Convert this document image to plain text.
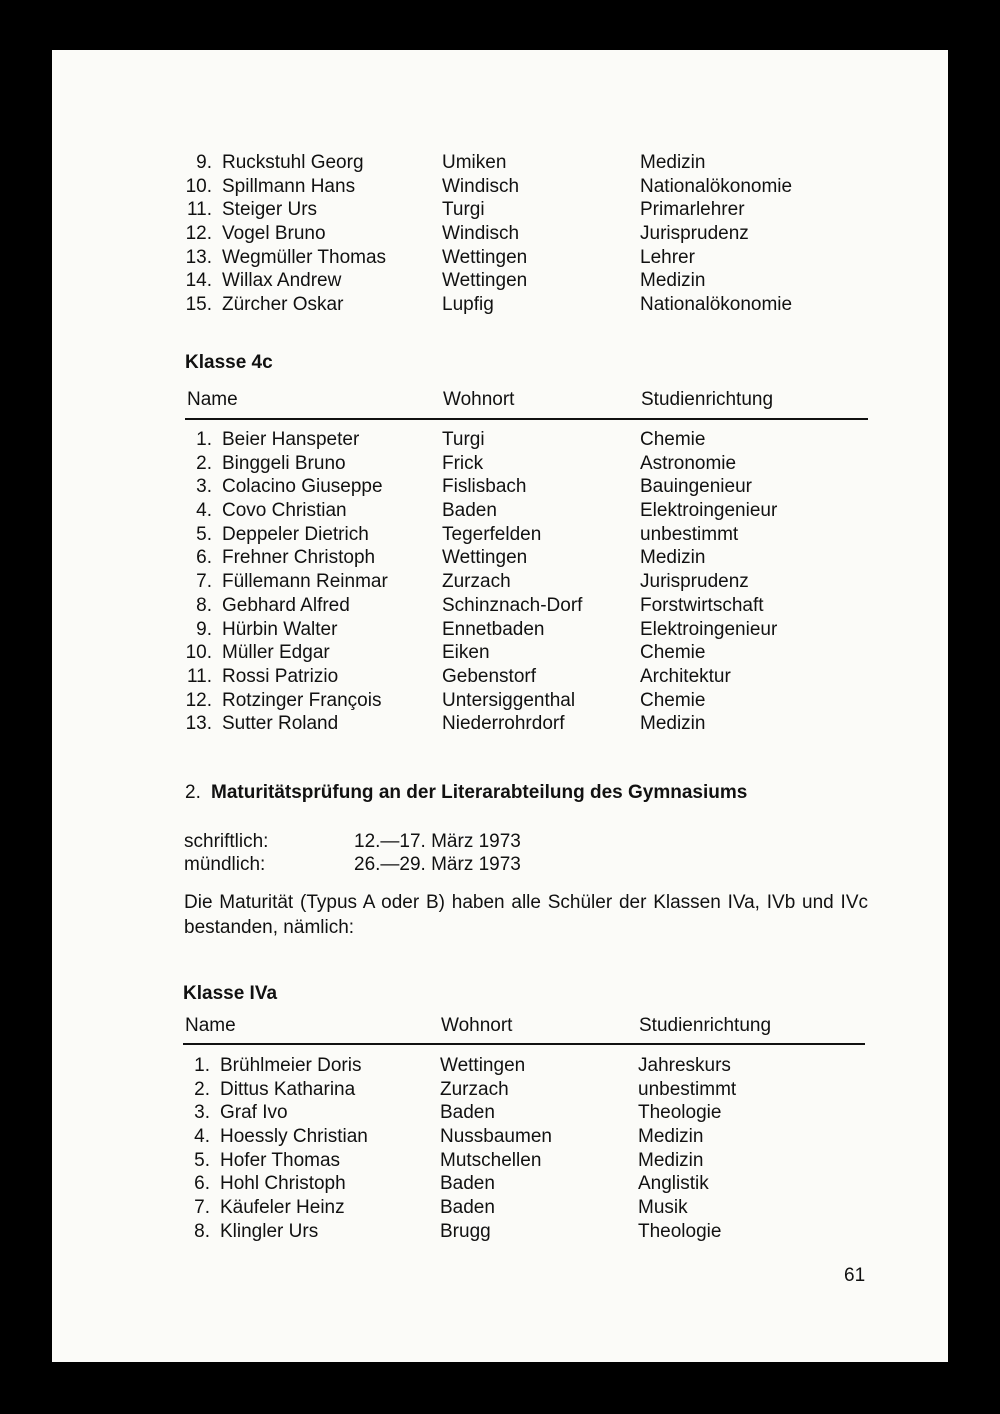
9. Ruckstuhl Georg	Umiken	Medizin
10. Spillmann Hans	Windisch	Nationalökonomie
11. Steiger Urs	Turgi	Primarlehrer
12. Vogel Bruno	Windisch	Jurisprudenz
13. Wegmüller Thomas	Wettingen	Lehrer
14. Willax Andrew	Wettingen	Medizin
15. Zürcher Oskar	Lupfig	Nationalökonomie
Klasse 4c
Name	Wohnort	Studienrichtung
1. Beier Hanspeter	Turgi	Chemie
2. Binggeli Bruno	Frick	Astronomie
3. Colacino Giuseppe	Fislisbach	Bauingenieur
4. Covo Christian	Baden	Elektroingenieur
5. Deppeler Dietrich	Tegerfelden	unbestimmt
6. Frehner Christoph	Wettingen	Medizin
7. Füllemann Reinmar	Zurzach	Jurisprudenz
8. Gebhard Alfred	Schinznach-Dorf	Forstwirtschaft
9. Hürbin Walter	Ennetbaden	Elektroingenieur
10. Müller Edgar	Eiken	Chemie
11. Rossi Patrizio	Gebenstorf	Architektur
12. Rotzinger François	Untersiggenthal	Chemie
13. Sutter Roland	Niederrohrdorf	Medizin
2. Maturitätsprüfung an der Literarabteilung des Gymnasiums
schriftlich:	12.—17. März 1973
mündlich:	26.—29. März 1973
Die Maturität (Typus A oder B) haben alle Schüler der Klassen IVa, IVb und IVc bestanden, nämlich:
Klasse IVa
Name	Wohnort	Studienrichtung
1. Brühlmeier Doris	Wettingen	Jahreskurs
2. Dittus Katharina	Zurzach	unbestimmt
3. Graf Ivo	Baden	Theologie
4. Hoessly Christian	Nussbaumen	Medizin
5. Hofer Thomas	Mutschellen	Medizin
6. Hohl Christoph	Baden	Anglistik
7. Käufeler Heinz	Baden	Musik
8. Klingler Urs	Brugg	Theologie
61
